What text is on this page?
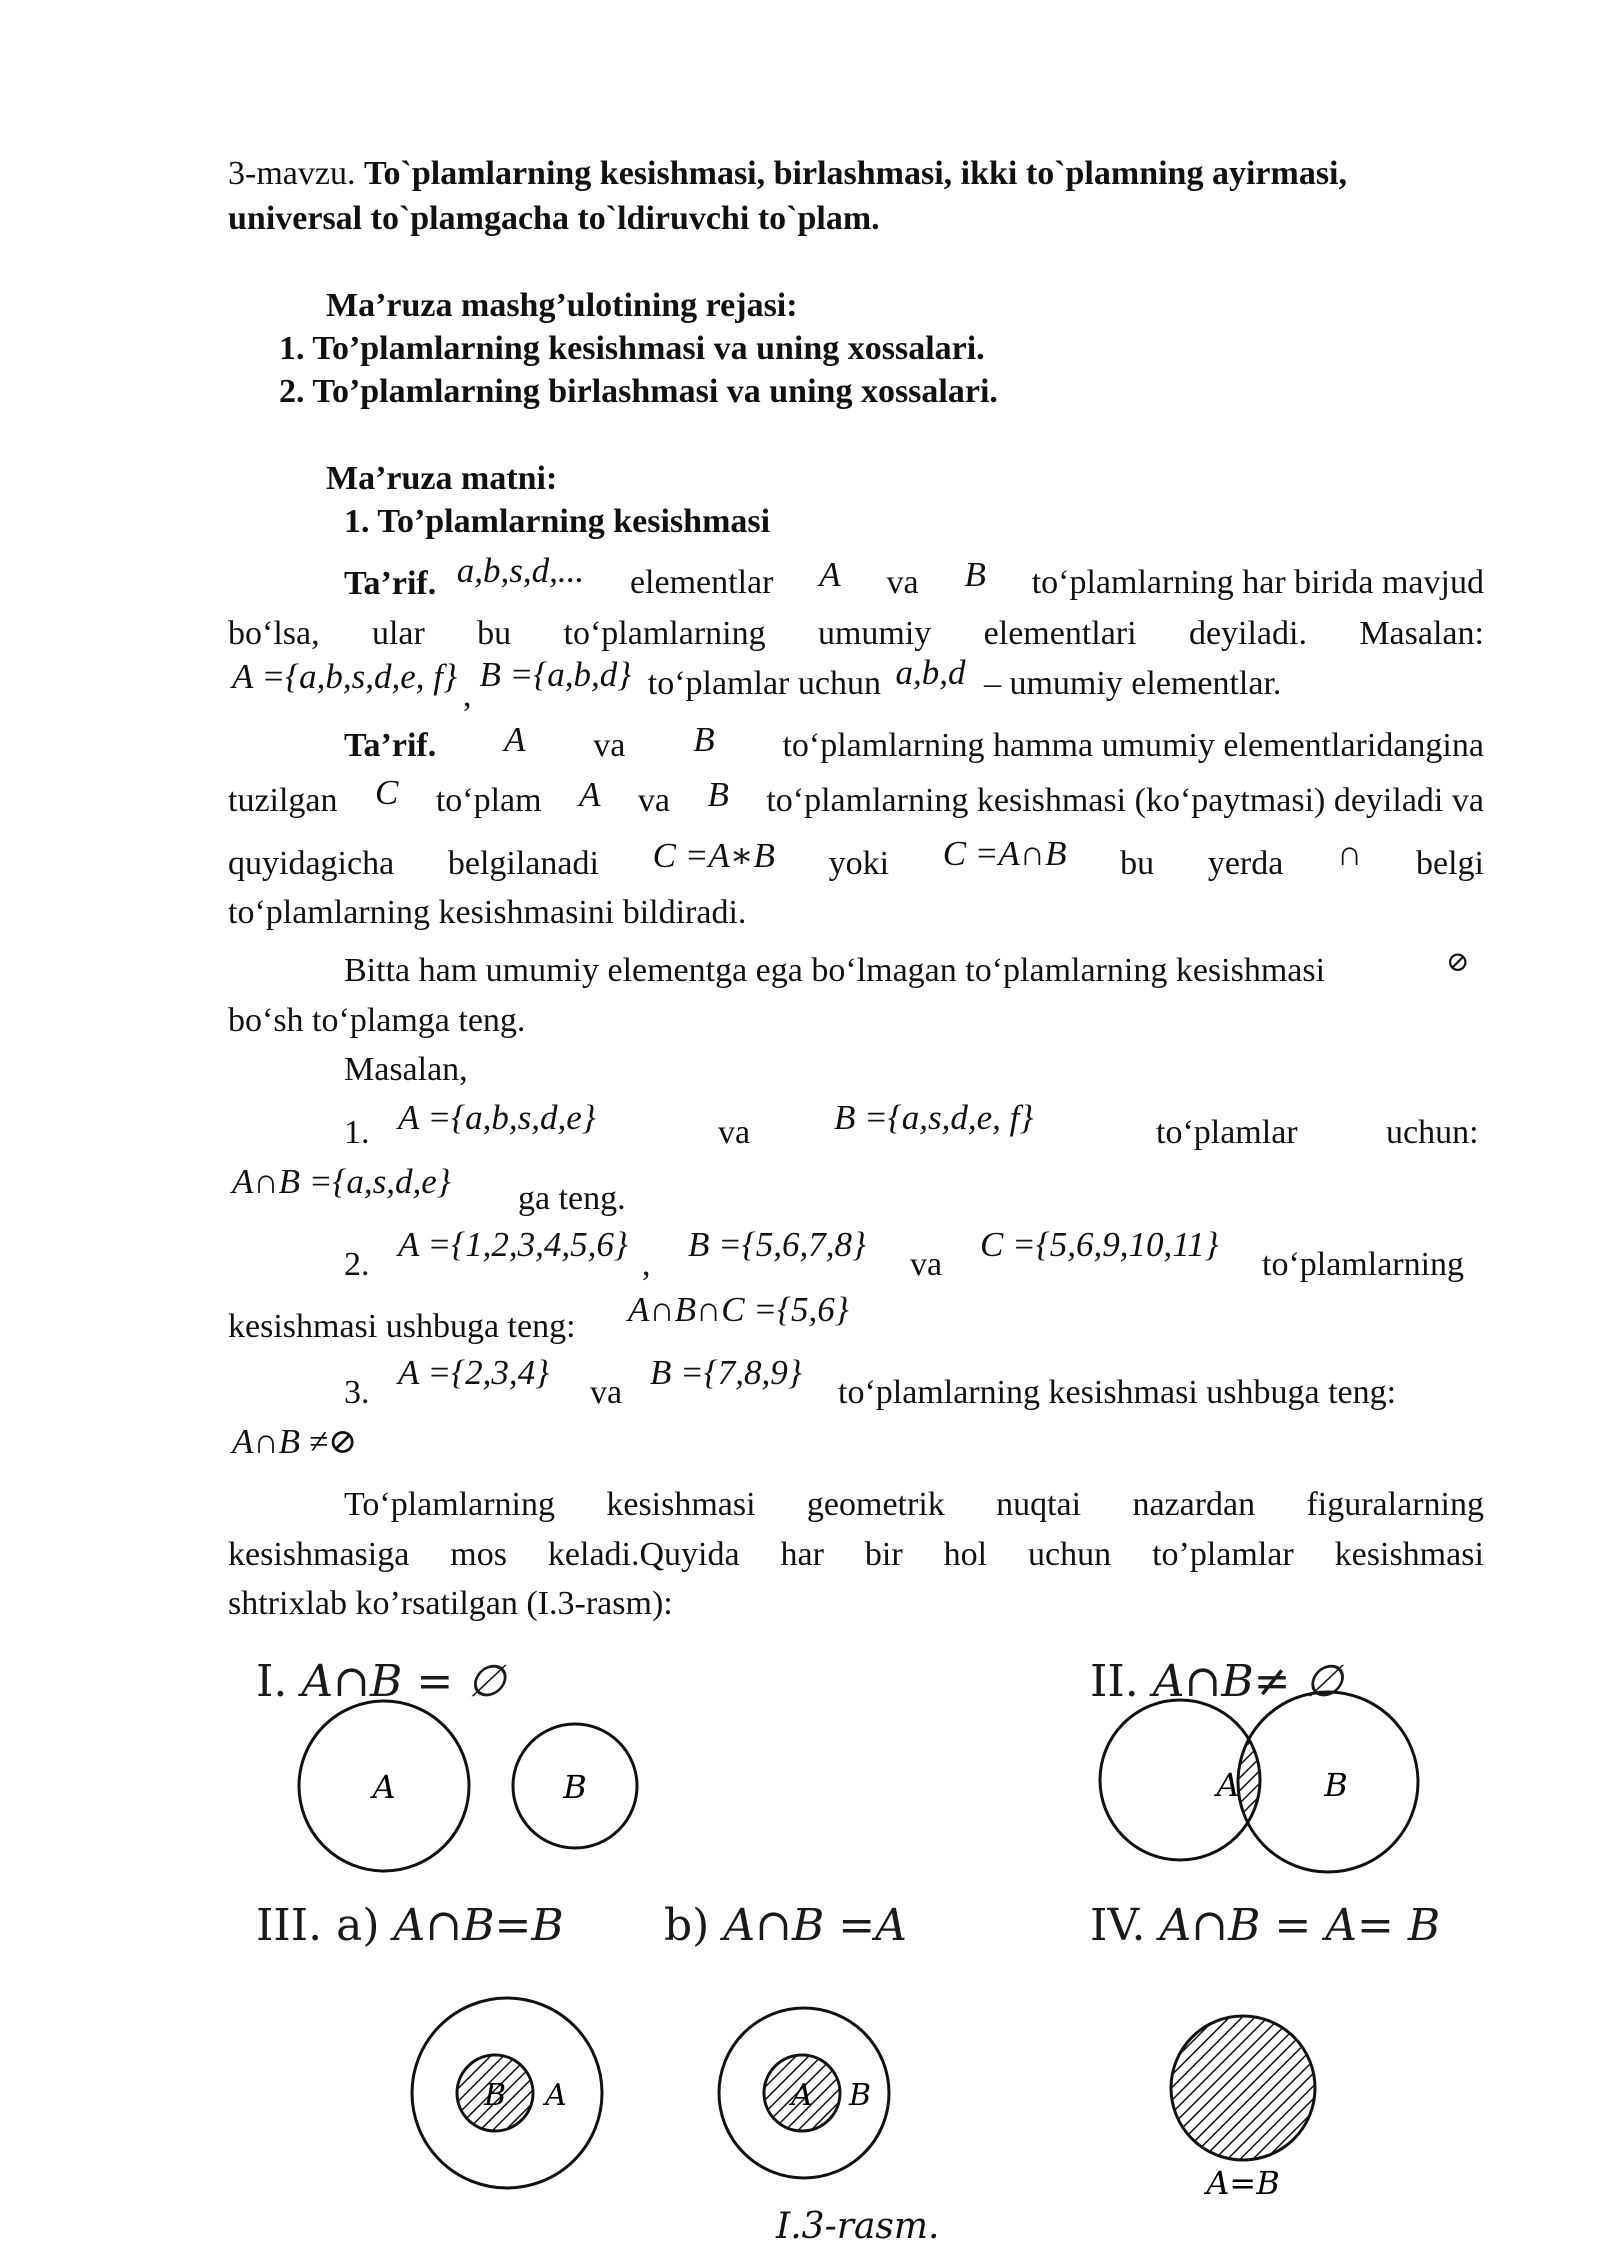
3-mavzu. To`plamlarning kesishmasi, birlashmasi, ikki to`plamning ayirmasi,
universal to`plamgacha to`ldiruvchi to`plam.
Ma’ruza mashg’ulotining rejasi:
1. To’plamlarning kesishmasi va uning xossalari.
2. To’plamlarning birlashmasi va uning xossalari.
Ma’ruza matni:
1. To’plamlarning kesishmasi
Ta’rif. a,b,s,d,... elementlar A va B to‘plamlarning har birida mavjud
bo‘lsa, ular bu to‘plamlarning umumiy elementlari deyiladi. Masalan:
A ={a,b,s,d,e, f} ,B ={a,b,d} to‘plamlar uchun a,b,d – umumiy elementlar.
Ta’rif. A va B to‘plamlarning hamma umumiy elementlaridangina
tuzilgan C to‘plam A va B to‘plamlarning kesishmasi (ko‘paytmasi) deyiladi va
quyidagicha belgilanadi C =A∗B yoki C =A∩B bu yerda ∩ belgi
to‘plamlarning kesishmasini bildiradi.
Bitta ham umumiy elementga ega bo‘lmagan to‘plamlarning kesishmasi	⊘
bo‘sh to‘plamga teng.
Masalan,
1. A ={a,b,s,d,e}	va B ={a,s,d,e, f}	to‘plamlar	uchun:
A∩B ={a,s,d,e} ga teng.
2.
A ={1,2,3,4,5,6}
,
B ={5,6,7,8}
va
C ={5,6,9,10,11}
to‘plamlarning
kesishmasi ushbuga teng: A∩B∩C ={5,6}
3.
A ={2,3,4}
va
B ={7,8,9}
to‘plamlarning kesishmasi ushbuga teng:
A∩B ≠⊘
To‘plamlarning kesishmasi geometrik nuqtai nazardan figuralarning
kesishmasiga mos keladi.Quyida har bir hol uchun to’plamlar kesishmasi
shtrixlab ko’rsatilgan (I.3-rasm):
I. A∩B = ∅	II. A∩B≠ ∅
III. a) A∩B=B b) A∩B =A	IV. A∩B = A= B
A	B	A	B
B A	A B
A=B
I.3-rasm.
